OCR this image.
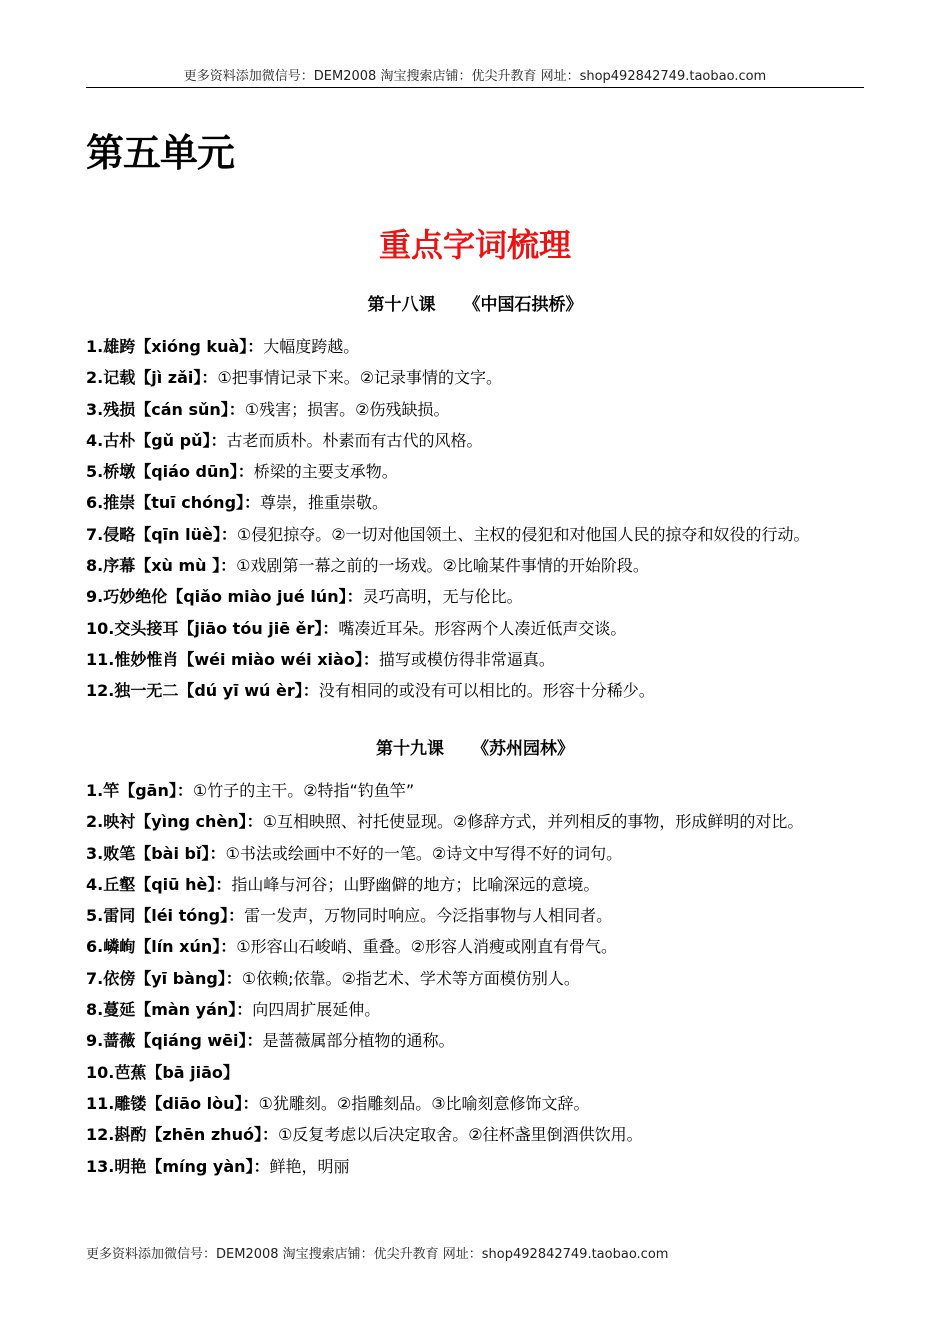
更多资料添加微信号：DEM2008 淘宝搜索店铺：优尖升教育 网址：shop492842749.taobao.com
第五单元
重点字词梳理
第十八课 《中国石拱桥》
1.雄跨【xióng kuà】：大幅度跨越。
2.记载【jì zǎi】：①把事情记录下来。②记录事情的文字。
3.残损【cán sǔn】：①残害；损害。②伤残缺损。
4.古朴【gǔ pǔ】：古老而质朴。朴素而有古代的风格。
5.桥墩【qiáo dūn】：桥梁的主要支承物。
6.推崇【tuī chóng】：尊崇，推重崇敬。
7.侵略【qīn lüè】：①侵犯掠夺。②一切对他国领土、主权的侵犯和对他国人民的掠夺和奴役的行动。
8.序幕【xù mù 】：①戏剧第一幕之前的一场戏。②比喻某件事情的开始阶段。
9.巧妙绝伦【qiǎo miào jué lún】：灵巧高明，无与伦比。
10.交头接耳【jiāo tóu jiē ěr】：嘴凑近耳朵。形容两个人凑近低声交谈。
11.惟妙惟肖【wéi miào wéi xiào】：描写或模仿得非常逼真。
12.独一无二【dú yī wú èr】：没有相同的或没有可以相比的。形容十分稀少。
第十九课 《苏州园林》
1.竿【gān】：①竹子的主干。②特指“钓鱼竿”
2.映衬【yìng chèn】：①互相映照、衬托使显现。②修辞方式，并列相反的事物，形成鲜明的对比。
3.败笔【bài bǐ】：①书法或绘画中不好的一笔。②诗文中写得不好的词句。
4.丘壑【qiū hè】：指山峰与河谷；山野幽僻的地方；比喻深远的意境。
5.雷同【léi tóng】：雷一发声，万物同时响应。今泛指事物与人相同者。
6.嶙峋【lín xún】：①形容山石峻峭、重叠。②形容人消瘦或刚直有骨气。
7.依傍【yī bàng】：①依赖;依靠。②指艺术、学术等方面模仿别人。
8.蔓延【màn yán】：向四周扩展延伸。
9.蔷薇【qiáng wēi】：是蔷薇属部分植物的通称。
10.芭蕉【bā jiāo】
11.雕镂【diāo lòu】：①犹雕刻。②指雕刻品。③比喻刻意修饰文辞。
12.斟酌【zhēn zhuó】：①反复考虑以后决定取舍。②往杯盏里倒酒供饮用。
13.明艳【míng yàn】：鲜艳，明丽
更多资料添加微信号：DEM2008 淘宝搜索店铺：优尖升教育 网址：shop492842749.taobao.com
